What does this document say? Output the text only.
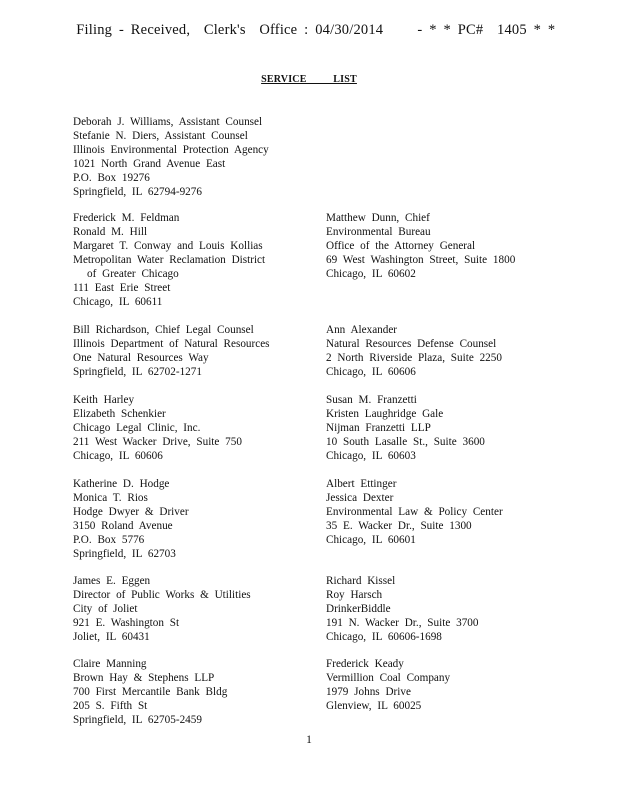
Filing - Received,  Clerk's  Office : 04/30/2014 - * * PC#  1405 * *

SERVICE LIST
Deborah J. Williams, Assistant Counsel
Stefanie N. Diers, Assistant Counsel
Illinois Environmental Protection Agency
1021 North Grand Avenue East
P.O. Box 19276
Springfield, IL 62794-9276
Frederick M. Feldman
Ronald M. Hill
Margaret T. Conway and Louis Kollias
Metropolitan Water Reclamation District
of Greater Chicago
111 East Erie Street
Chicago, IL 60611
Bill Richardson, Chief Legal Counsel
Illinois Department of Natural Resources
One Natural Resources Way
Springfield, IL 62702-1271
Keith Harley
Elizabeth Schenkier
Chicago Legal Clinic, Inc.
211 West Wacker Drive, Suite 750
Chicago, IL 60606
Katherine D. Hodge
Monica T. Rios
Hodge Dwyer & Driver
3150 Roland Avenue
P.O. Box 5776
Springfield, IL 62703
James E. Eggen
Director of Public Works & Utilities
City of Joliet
921 E. Washington St
Joliet, IL 60431
Claire Manning
Brown Hay & Stephens LLP
700 First Mercantile Bank Bldg
205 S. Fifth St
Springfield, IL 62705-2459
Matthew Dunn, Chief
Environmental Bureau
Office of the Attorney General
69 West Washington Street, Suite 1800
Chicago, IL 60602
Ann Alexander
Natural Resources Defense Counsel
2 North Riverside Plaza, Suite 2250
Chicago, IL 60606
Susan M. Franzetti
Kristen Laughridge Gale
Nijman Franzetti LLP
10 South Lasalle St., Suite 3600
Chicago, IL 60603
Albert Ettinger
Jessica Dexter
Environmental Law & Policy Center
35 E. Wacker Dr., Suite 1300
Chicago, IL 60601
Richard Kissel
Roy Harsch
DrinkerBiddle
191 N. Wacker Dr., Suite 3700
Chicago, IL 60606-1698
Frederick Keady
Vermillion Coal Company
1979 Johns Drive
Glenview, IL 60025
1
